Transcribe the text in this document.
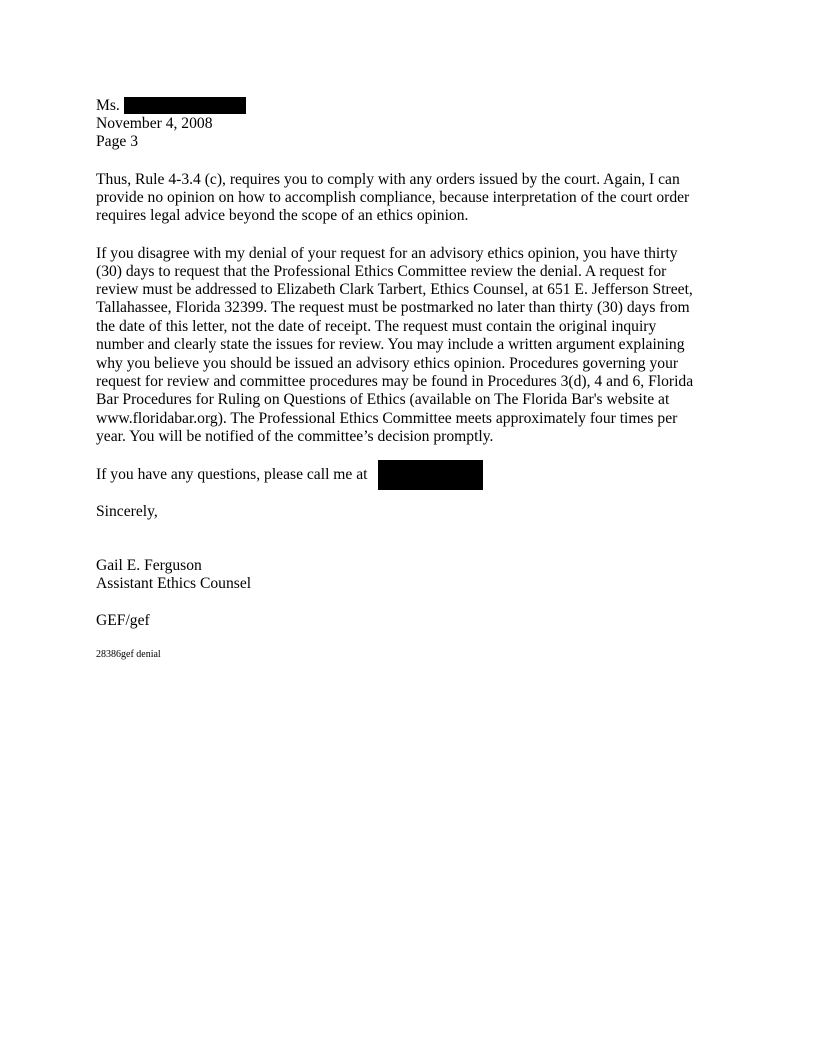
Ms.
November 4, 2008
Page 3
Thus, Rule 4-3.4 (c), requires you to comply with any orders issued by the court. Again, I can
provide no opinion on how to accomplish compliance, because interpretation of the court order
requires legal advice beyond the scope of an ethics opinion.
If you disagree with my denial of your request for an advisory ethics opinion, you have thirty
(30) days to request that the Professional Ethics Committee review the denial. A request for
review must be addressed to Elizabeth Clark Tarbert, Ethics Counsel, at 651 E. Jefferson Street,
Tallahassee, Florida 32399. The request must be postmarked no later than thirty (30) days from
the date of this letter, not the date of receipt. The request must contain the original inquiry
number and clearly state the issues for review. You may include a written argument explaining
why you believe you should be issued an advisory ethics opinion. Procedures governing your
request for review and committee procedures may be found in Procedures 3(d), 4 and 6, Florida
Bar Procedures for Ruling on Questions of Ethics (available on The Florida Bar's website at
www.floridabar.org). The Professional Ethics Committee meets approximately four times per
year. You will be notified of the committee’s decision promptly.
If you have any questions, please call me at
Sincerely,
Gail E. Ferguson
Assistant Ethics Counsel
GEF/gef
28386gef denial
